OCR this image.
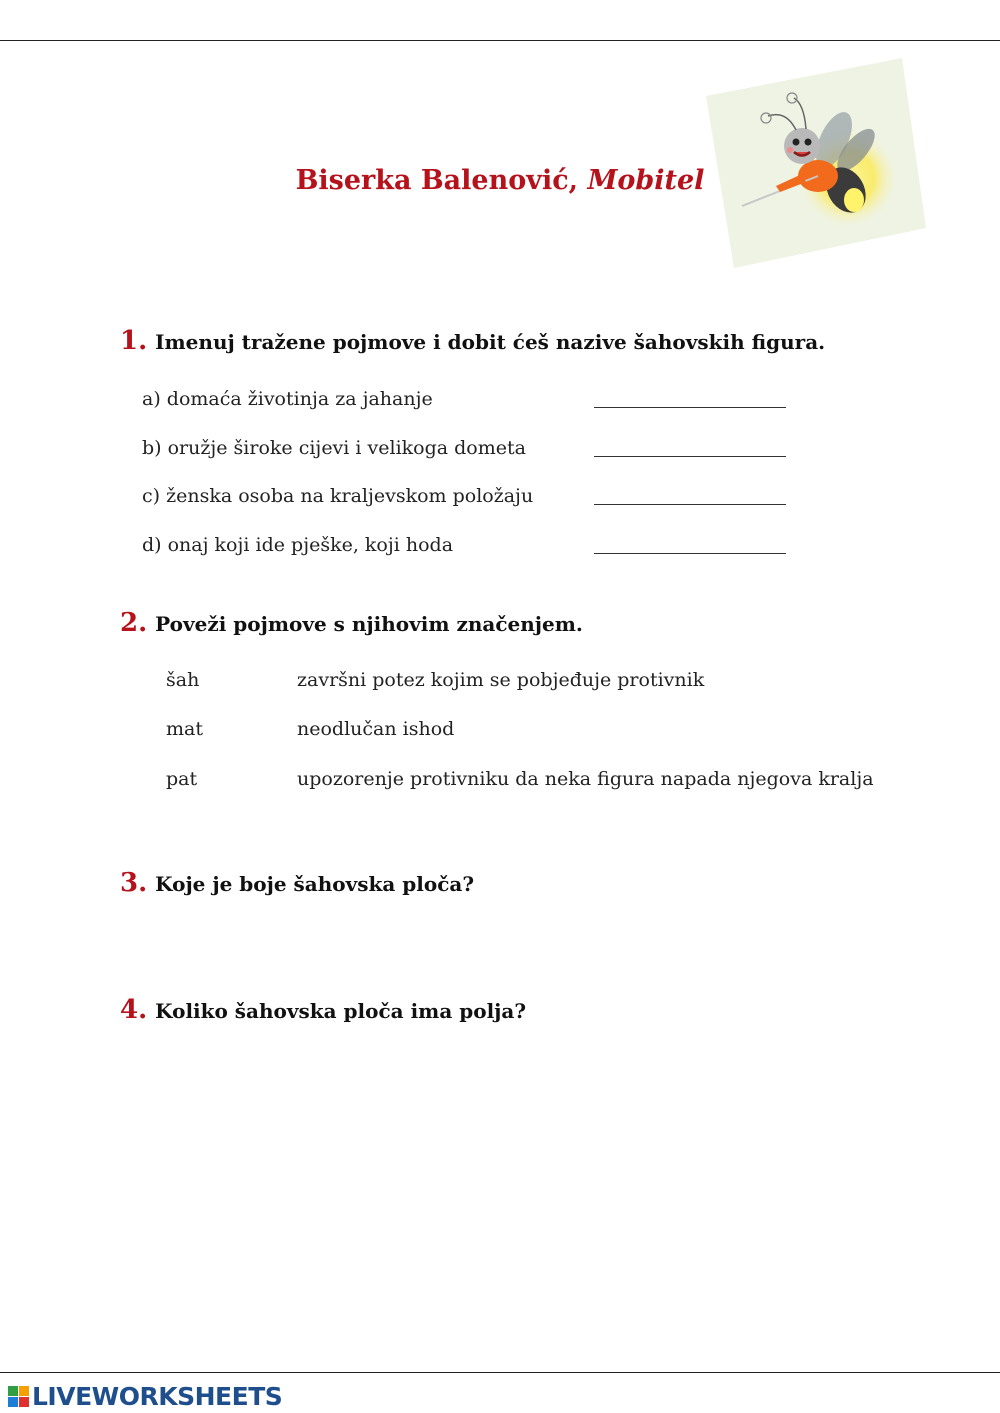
Biserka Balenović, Mobitel
1. Imenuj tražene pojmove i dobit ćeš nazive šahovskih figura.
a) domaća životinja za jahanje
b) oružje široke cijevi i velikoga dometa
c) ženska osoba na kraljevskom položaju
d) onaj koji ide pješke, koji hoda
2. Poveži pojmove s njihovim značenjem.
šah	završni potez kojim se pobjeđuje protivnik
mat	neodlučan ishod
pat	upozorenje protivniku da neka figura napada njegova kralja
3. Koje je boje šahovska ploča?
4. Koliko šahovska ploča ima polja?
LIVEWORKSHEETS
